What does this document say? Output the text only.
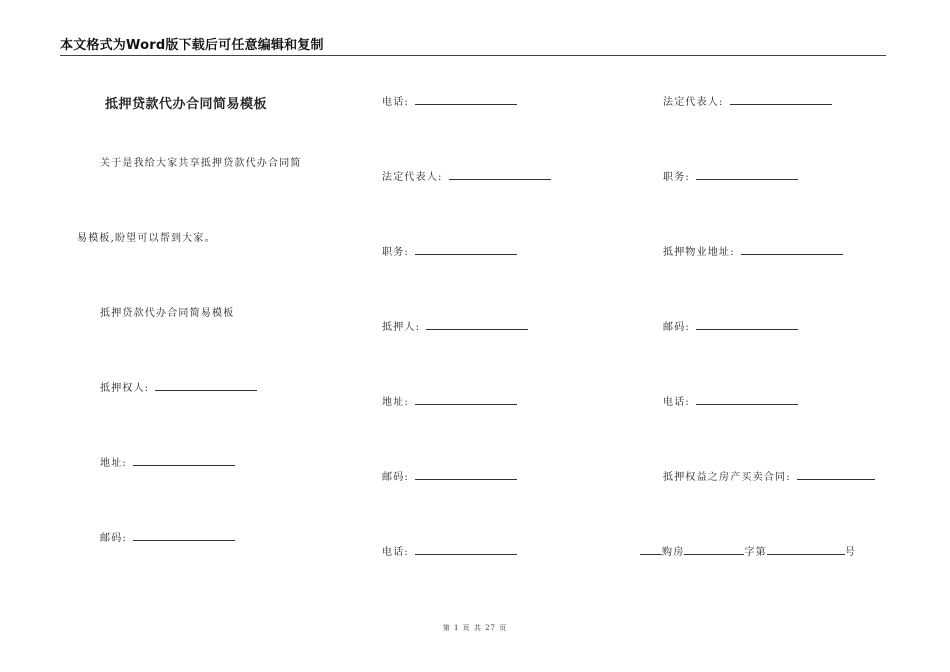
本文格式为Word版下载后可任意编辑和复制
抵押贷款代办合同简易模板
关于是我给大家共享抵押贷款代办合同简
易模板,盼望可以帮到大家。
抵押贷款代办合同简易模板
抵押权人:
地址:
邮码:
电话:
法定代表人:
职务:
抵押人:
地址:
邮码:
电话:
法定代表人:
职务:
抵押物业地址:
邮码:
电话:
抵押权益之房产买卖合同:
购房	字第	号
第 1 页 共 27 页
